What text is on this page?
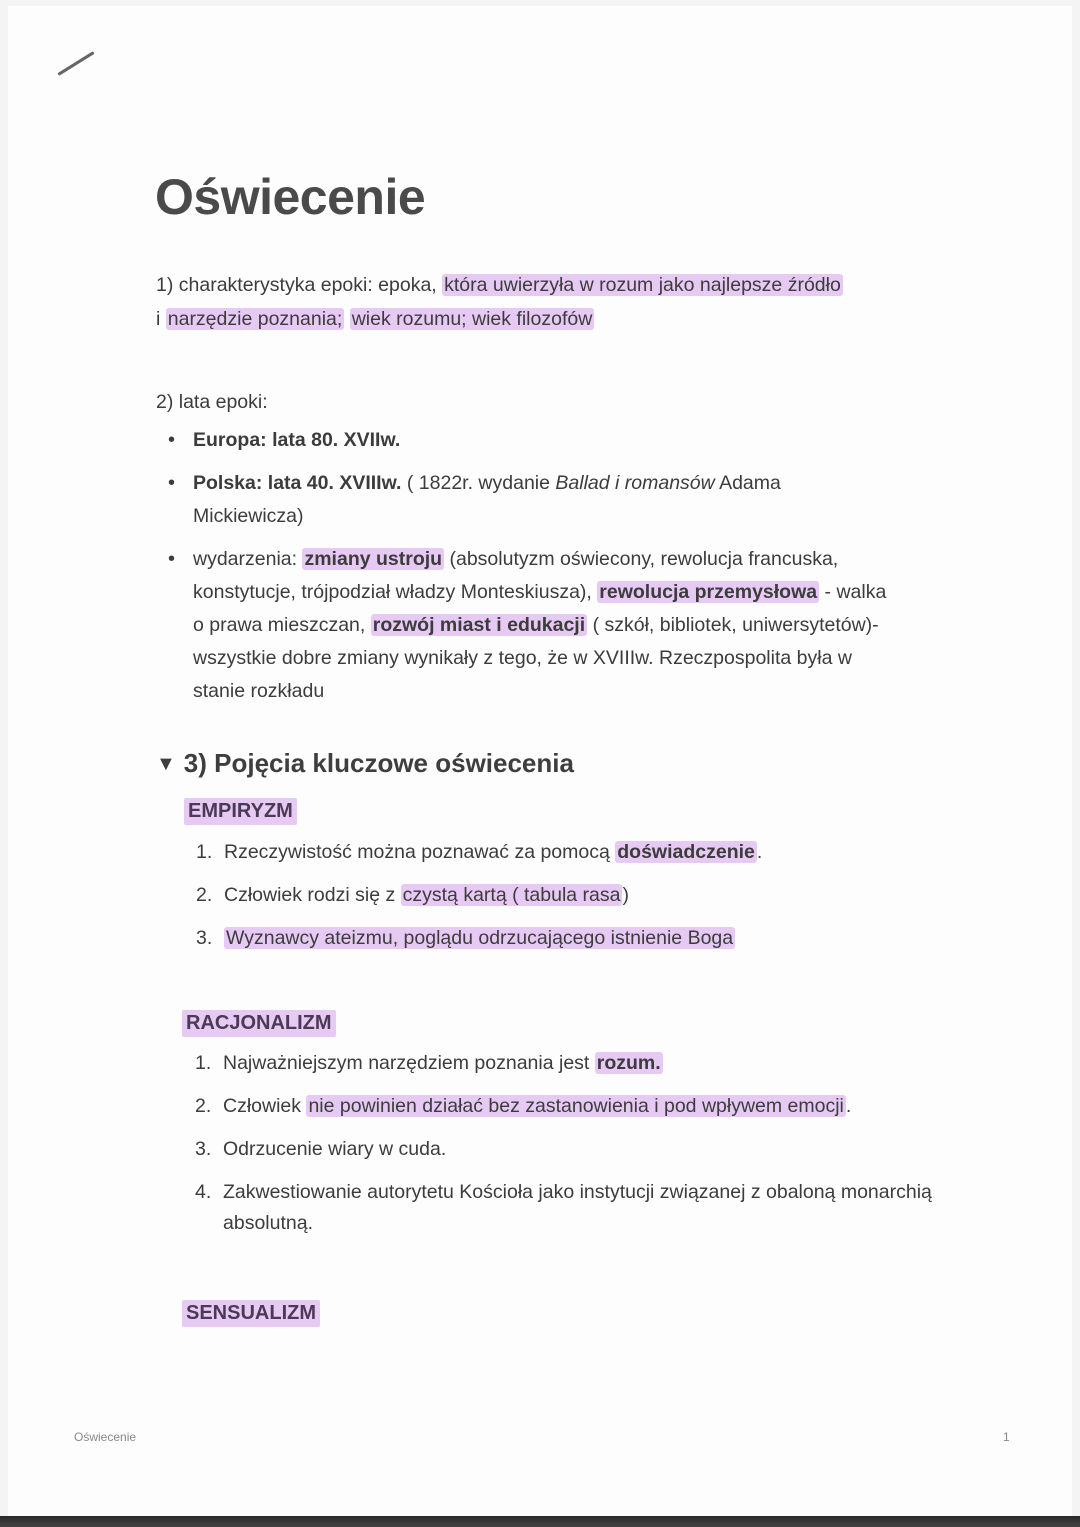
Oświecenie
1) charakterystyka epoki: epoka, która uwierzyła w rozum jako najlepsze źródło
i narzędzie poznania; wiek rozumu; wiek filozofów
2) lata epoki:
• Europa: lata 80. XVIIw.
• Polska: lata 40. XVIIIw. ( 1822r. wydanie Ballad i romansów Adama Mickiewicza)
• wydarzenia: zmiany ustroju (absolutyzm oświecony, rewolucja francuska, konstytucje, trójpodział władzy Monteskiusza), rewolucja przemysłowa - walka o prawa mieszczan, rozwój miast i edukacji ( szkół, bibliotek, uniwersytetów)- wszystkie dobre zmiany wynikały z tego, że w XVIIIw. Rzeczpospolita była w stanie rozkładu
▼ 3) Pojęcia kluczowe oświecenia
EMPIRYZM
1. Rzeczywistość można poznawać za pomocą doświadczenie .
2. Człowiek rodzi się z czystą kartą ( tabula rasa )
3. Wyznawcy ateizmu, poglądu odrzucającego istnienie Boga
RACJONALIZM
1. Najważniejszym narzędziem poznania jest rozum.
2. Człowiek nie powinien działać bez zastanowienia i pod wpływem emocji .
3. Odrzucenie wiary w cuda.
4. Zakwestiowanie autorytetu Kościoła jako instytucji związanej z obaloną monarchią absolutną.
SENSUALIZM
Oświecenie	1
